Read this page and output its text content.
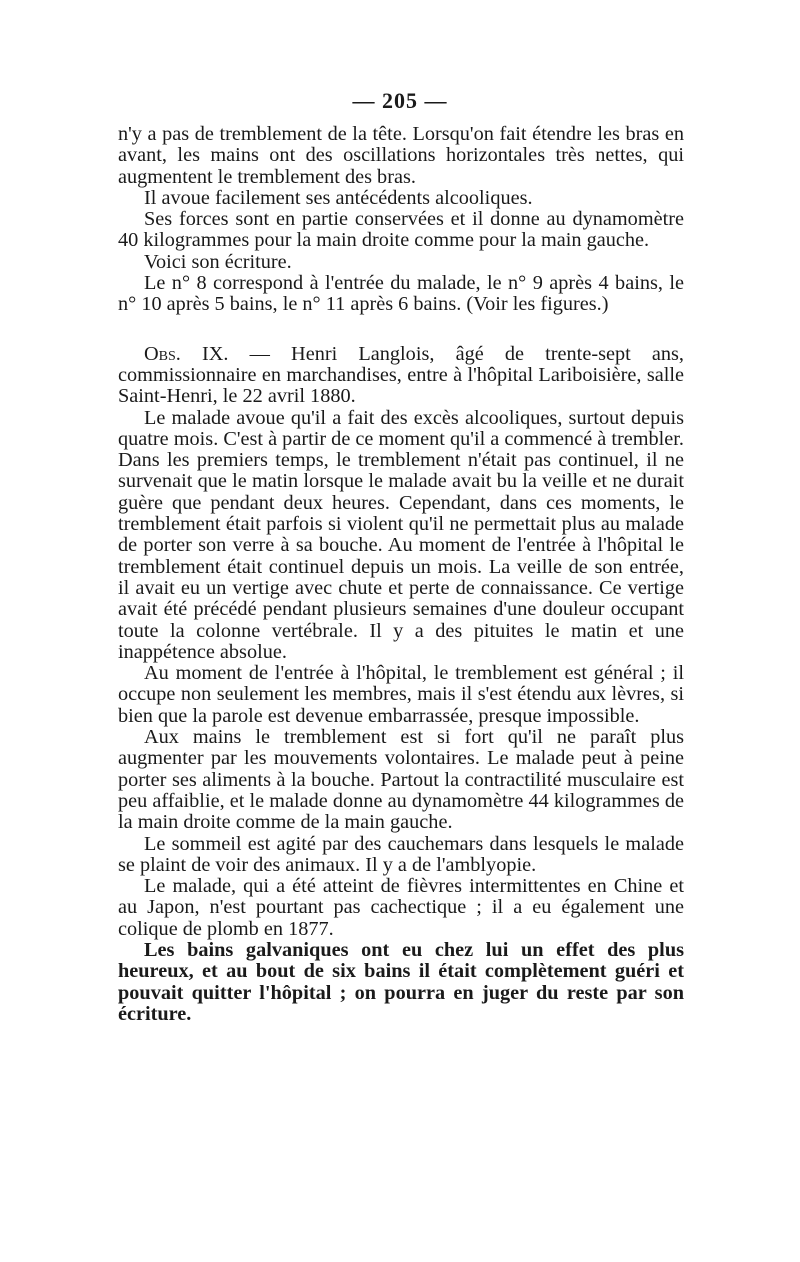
— 205 —

n'y a pas de tremblement de la tête. Lorsqu'on fait étendre les bras en avant, les mains ont des oscillations horizontales très nettes, qui augmentent le tremblement des bras.

Il avoue facilement ses antécédents alcooliques.

Ses forces sont en partie conservées et il donne au dynamomètre 40 kilogrammes pour la main droite comme pour la main gauche.

Voici son écriture.

Le n° 8 correspond à l'entrée du malade, le n° 9 après 4 bains, le n° 10 après 5 bains, le n° 11 après 6 bains. (Voir les figures.)

Obs. IX. — Henri Langlois, âgé de trente-sept ans, commissionnaire en marchandises, entre à l'hôpital Lariboisière, salle Saint-Henri, le 22 avril 1880.

Le malade avoue qu'il a fait des excès alcooliques, surtout depuis quatre mois. C'est à partir de ce moment qu'il a commencé à trembler. Dans les premiers temps, le tremblement n'était pas continuel, il ne survenait que le matin lorsque le malade avait bu la veille et ne durait guère que pendant deux heures. Cependant, dans ces moments, le tremblement était parfois si violent qu'il ne permettait plus au malade de porter son verre à sa bouche. Au moment de l'entrée à l'hôpital le tremblement était continuel depuis un mois. La veille de son entrée, il avait eu un vertige avec chute et perte de connaissance. Ce vertige avait été précédé pendant plusieurs semaines d'une douleur occupant toute la colonne vertébrale. Il y a des pituites le matin et une inappétence absolue.

Au moment de l'entrée à l'hôpital, le tremblement est général ; il occupe non seulement les membres, mais il s'est étendu aux lèvres, si bien que la parole est devenue embarrassée, presque impossible.

Aux mains le tremblement est si fort qu'il ne paraît plus augmenter par les mouvements volontaires. Le malade peut à peine porter ses aliments à la bouche. Partout la contractilité musculaire est peu affaiblie, et le malade donne au dynamomètre 44 kilogrammes de la main droite comme de la main gauche.

Le sommeil est agité par des cauchemars dans lesquels le malade se plaint de voir des animaux. Il y a de l'amblyopie.

Le malade, qui a été atteint de fièvres intermittentes en Chine et au Japon, n'est pourtant pas cachectique ; il a eu également une colique de plomb en 1877.

Les bains galvaniques ont eu chez lui un effet des plus heureux, et au bout de six bains il était complètement guéri et pouvait quitter l'hôpital ; on pourra en juger du reste par son écriture.
